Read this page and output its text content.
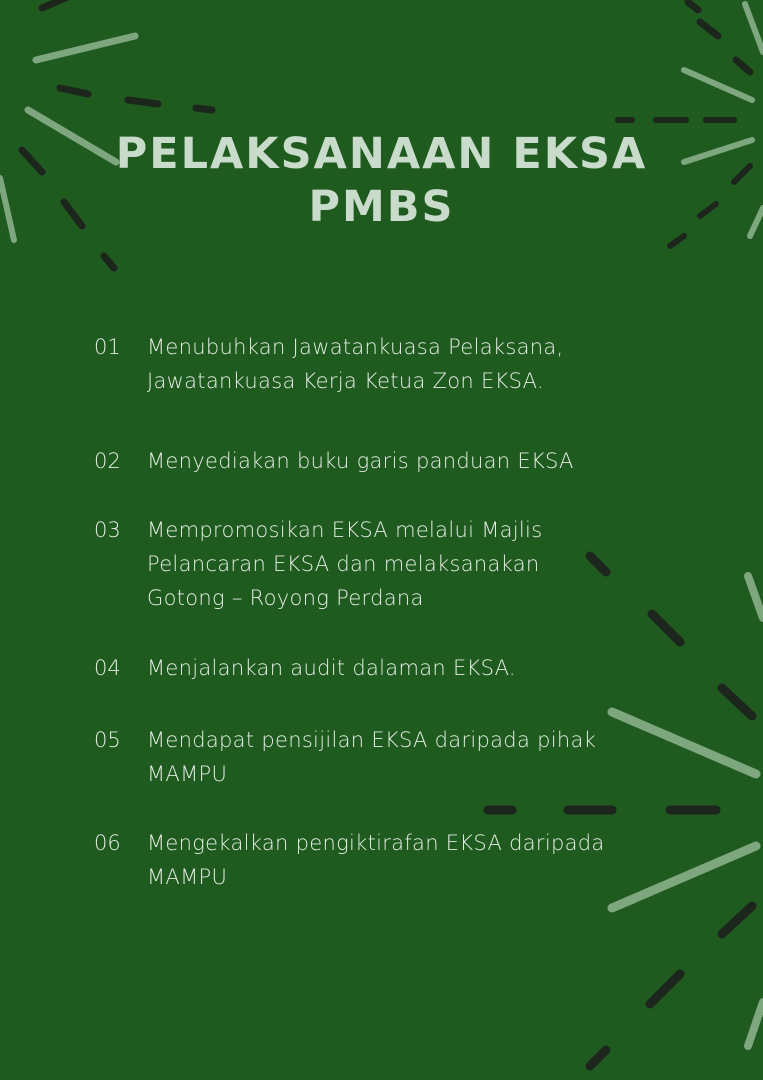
PELAKSANAAN EKSA
PMBS
01 Menubuhkan Jawatankuasa Pelaksana,
Jawatankuasa Kerja Ketua Zon EKSA.
02 Menyediakan buku garis panduan EKSA
03 Mempromosikan EKSA melalui Majlis
Pelancaran EKSA dan melaksanakan
Gotong – Royong Perdana
04 Menjalankan audit dalaman EKSA.
05 Mendapat pensijilan EKSA daripada pihak
MAMPU
06 Mengekalkan pengiktirafan EKSA daripada
MAMPU
